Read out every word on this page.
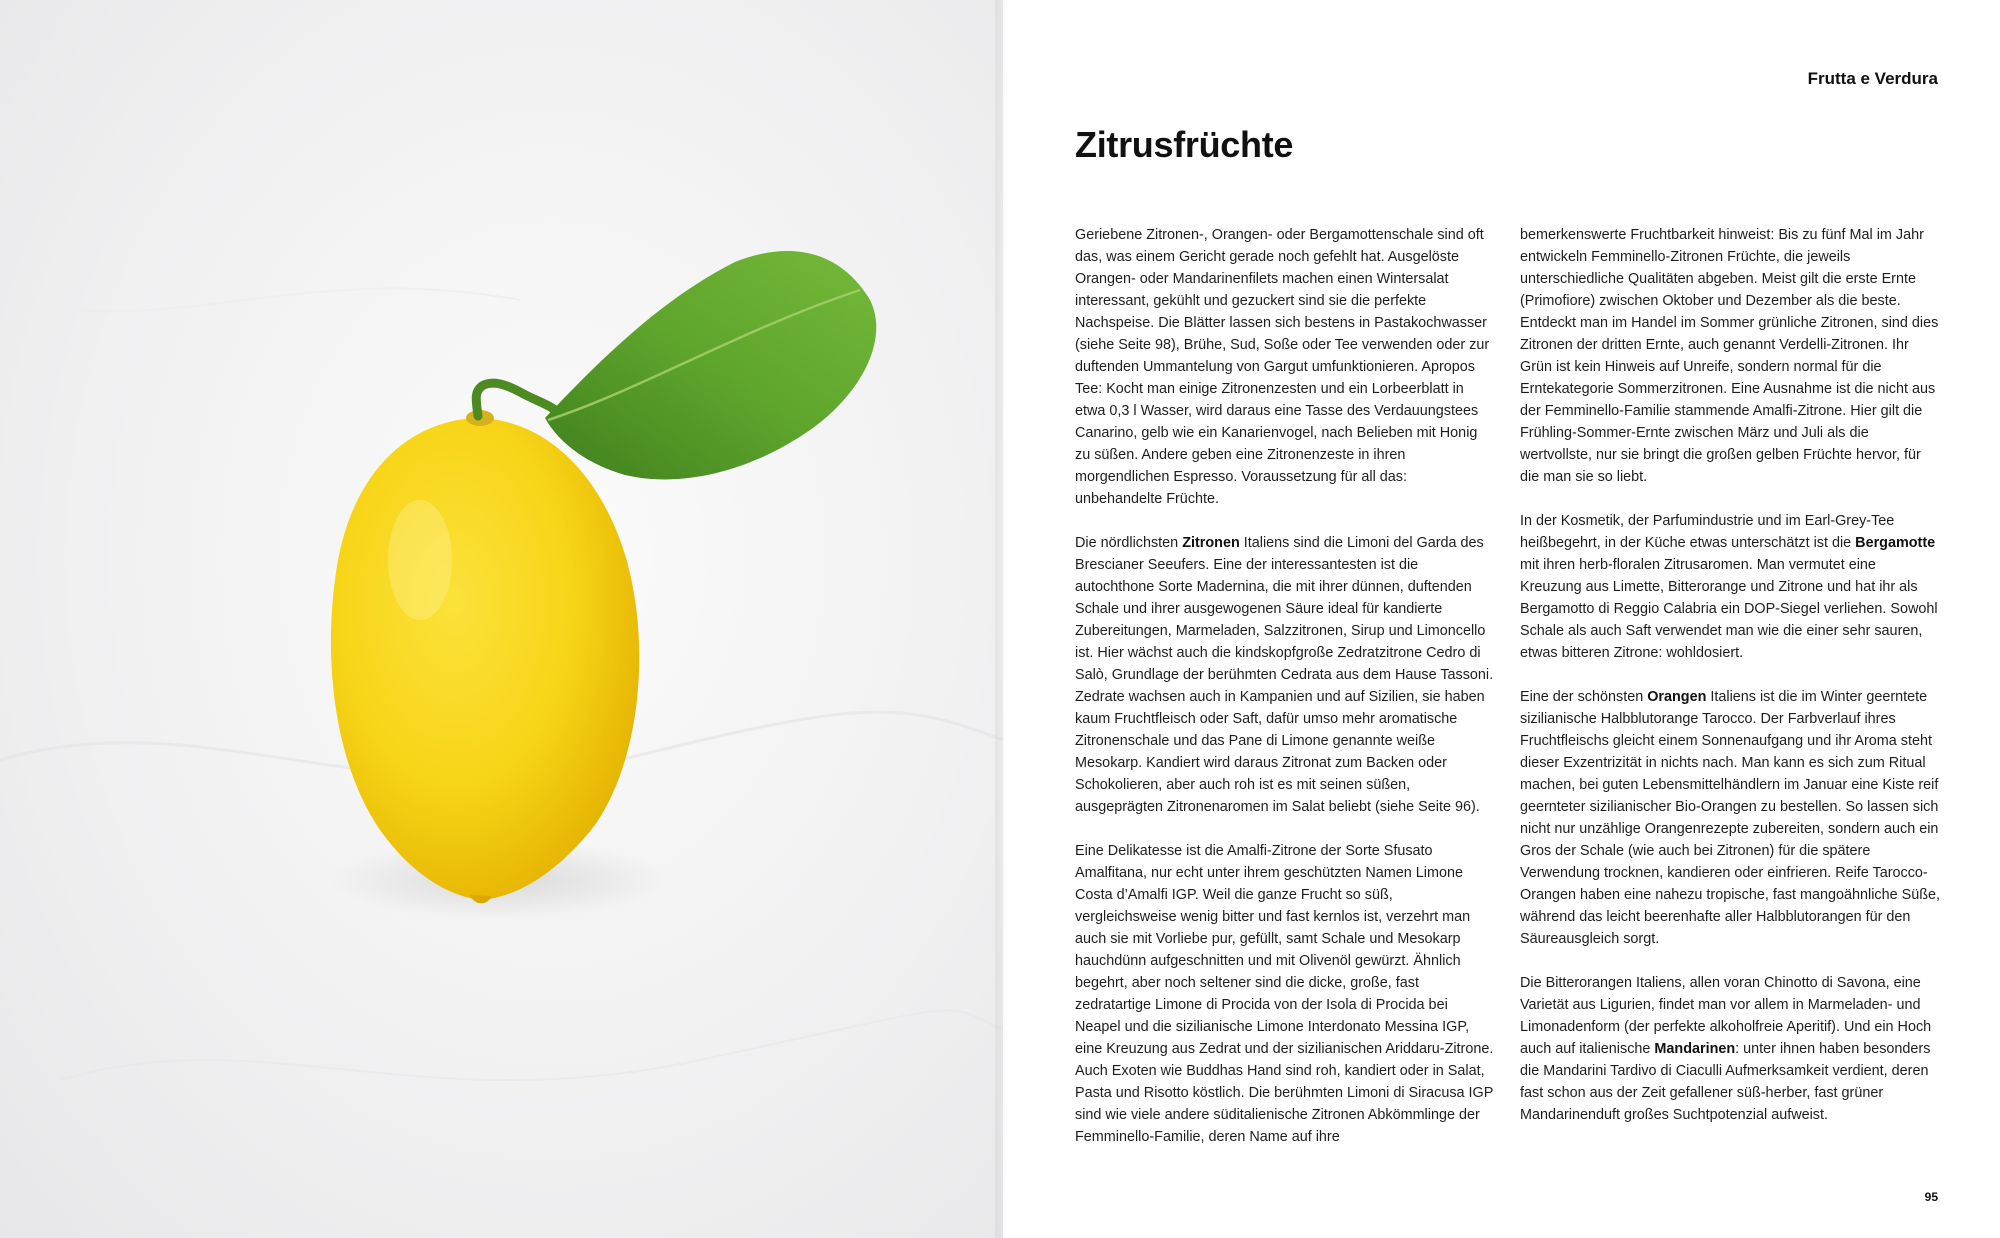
Frutta e Verdura
Zitrusfrüchte

Geriebene Zitronen-, Orangen- oder Bergamottenschale sind oft das, was einem Gericht gerade noch gefehlt hat. Ausgelöste Orangen- oder Mandarinenfilets machen einen Wintersalat interessant, gekühlt und gezuckert sind sie die perfekte Nachspeise. Die Blätter lassen sich bestens in Pastakochwasser (siehe Seite 98), Brühe, Sud, Soße oder Tee verwenden oder zur duftenden Ummantelung von Gargut umfunktionieren. Apropos Tee: Kocht man einige Zitronenzesten und ein Lorbeerblatt in etwa 0,3 l Wasser, wird daraus eine Tasse des Verdauungstees Canarino, gelb wie ein Kanarienvogel, nach Belieben mit Honig zu süßen. Andere geben eine Zitronenzeste in ihren morgendlichen Espresso. Voraussetzung für all das: unbehandelte Früchte.

Die nördlichsten Zitronen Italiens sind die Limoni del Garda des Brescianer Seeufers. Eine der interessantesten ist die autochthone Sorte Madernina, die mit ihrer dünnen, duftenden Schale und ihrer ausgewogenen Säure ideal für kandierte Zubereitungen, Marmeladen, Salzzitronen, Sirup und Limoncello ist. Hier wächst auch die kindskopfgroße Zedratzitrone Cedro di Salò, Grundlage der berühmten Cedrata aus dem Hause Tassoni. Zedrate wachsen auch in Kampanien und auf Sizilien, sie haben kaum Fruchtfleisch oder Saft, dafür umso mehr aromatische Zitronenschale und das Pane di Limone genannte weiße Mesokarp. Kandiert wird daraus Zitronat zum Backen oder Schokolieren, aber auch roh ist es mit seinen süßen, ausgeprägten Zitronenaromen im Salat beliebt (siehe Seite 96).

Eine Delikatesse ist die Amalfi-Zitrone der Sorte Sfusato Amalfitana, nur echt unter ihrem geschützten Namen Limone Costa d’Amalfi IGP. Weil die ganze Frucht so süß, vergleichsweise wenig bitter und fast kernlos ist, verzehrt man auch sie mit Vorliebe pur, gefüllt, samt Schale und Mesokarp hauchdünn aufgeschnitten und mit Olivenöl gewürzt. Ähnlich begehrt, aber noch seltener sind die dicke, große, fast zedratartige Limone di Procida von der Isola di Procida bei Neapel und die sizilianische Limone Interdonato Messina IGP, eine Kreuzung aus Zedrat und der sizilianischen Ariddaru-Zitrone. Auch Exoten wie Buddhas Hand sind roh, kandiert oder in Salat, Pasta und Risotto köstlich. Die berühmten Limoni di Siracusa IGP sind wie viele andere süditalienische Zitronen Abkömmlinge der Femminello-Familie, deren Name auf ihre

bemerkenswerte Fruchtbarkeit hinweist: Bis zu fünf Mal im Jahr entwickeln Femminello-Zitronen Früchte, die jeweils unterschiedliche Qualitäten abgeben. Meist gilt die erste Ernte (Primofiore) zwischen Oktober und Dezember als die beste. Entdeckt man im Handel im Sommer grünliche Zitronen, sind dies Zitronen der dritten Ernte, auch genannt Verdelli-Zitronen. Ihr Grün ist kein Hinweis auf Unreife, sondern normal für die Erntekategorie Sommerzitronen. Eine Ausnahme ist die nicht aus der Femminello-Familie stammende Amalfi-Zitrone. Hier gilt die Frühling-Sommer-Ernte zwischen März und Juli als die wertvollste, nur sie bringt die großen gelben Früchte hervor, für die man sie so liebt.

In der Kosmetik, der Parfumindustrie und im Earl-Grey-Tee heißbegehrt, in der Küche etwas unterschätzt ist die Bergamotte mit ihren herb-floralen Zitrusaromen. Man vermutet eine Kreuzung aus Limette, Bitterorange und Zitrone und hat ihr als Bergamotto di Reggio Calabria ein DOP-Siegel verliehen. Sowohl Schale als auch Saft verwendet man wie die einer sehr sauren, etwas bitteren Zitrone: wohldosiert.

Eine der schönsten Orangen Italiens ist die im Winter geerntete sizilianische Halbblutorange Tarocco. Der Farbverlauf ihres Fruchtfleischs gleicht einem Sonnenaufgang und ihr Aroma steht dieser Exzentrizität in nichts nach. Man kann es sich zum Ritual machen, bei guten Lebensmittelhändlern im Januar eine Kiste reif geernteter sizilianischer Bio-Orangen zu bestellen. So lassen sich nicht nur unzählige Orangenrezepte zubereiten, sondern auch ein Gros der Schale (wie auch bei Zitronen) für die spätere Verwendung trocknen, kandieren oder einfrieren. Reife Tarocco-Orangen haben eine nahezu tropische, fast mangoähnliche Süße, während das leicht beerenhafte aller Halbblutorangen für den Säureausgleich sorgt.

Die Bitterorangen Italiens, allen voran Chinotto di Savona, eine Varietät aus Ligurien, findet man vor allem in Marmeladen- und Limonadenform (der perfekte alkoholfreie Aperitif). Und ein Hoch auch auf italienische Mandarinen: unter ihnen haben besonders die Mandarini Tardivo di Ciaculli Aufmerksamkeit verdient, deren fast schon aus der Zeit gefallener süß-herber, fast grüner Mandarinenduft großes Suchtpotenzial aufweist.

95
